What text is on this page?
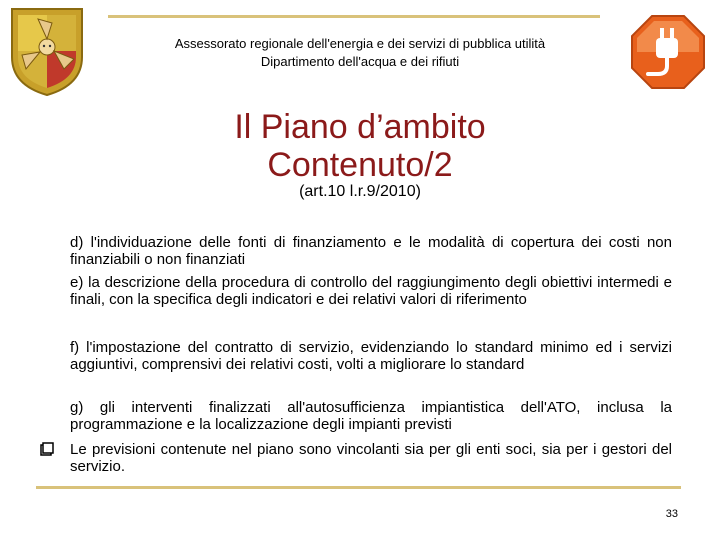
Assessorato regionale dell'energia e dei servizi di pubblica utilità
Dipartimento dell'acqua e dei rifiuti
Il Piano d’ambito
Contenuto/2
(art.10 l.r.9/2010)
d) l'individuazione delle fonti di finanziamento e le modalità di copertura dei costi non finanziabili o non finanziati
e) la descrizione della procedura di controllo del raggiungimento degli obiettivi intermedi e finali, con la specifica degli indicatori e dei relativi valori di riferimento
f) l'impostazione del contratto di servizio, evidenziando lo standard minimo ed i servizi aggiuntivi, comprensivi dei relativi costi, volti a migliorare lo standard
g) gli interventi finalizzati all'autosufficienza impiantistica dell'ATO, inclusa la programmazione e la localizzazione degli impianti previsti
Le previsioni contenute nel piano sono vincolanti sia per gli enti soci, sia per i gestori del servizio.
33
